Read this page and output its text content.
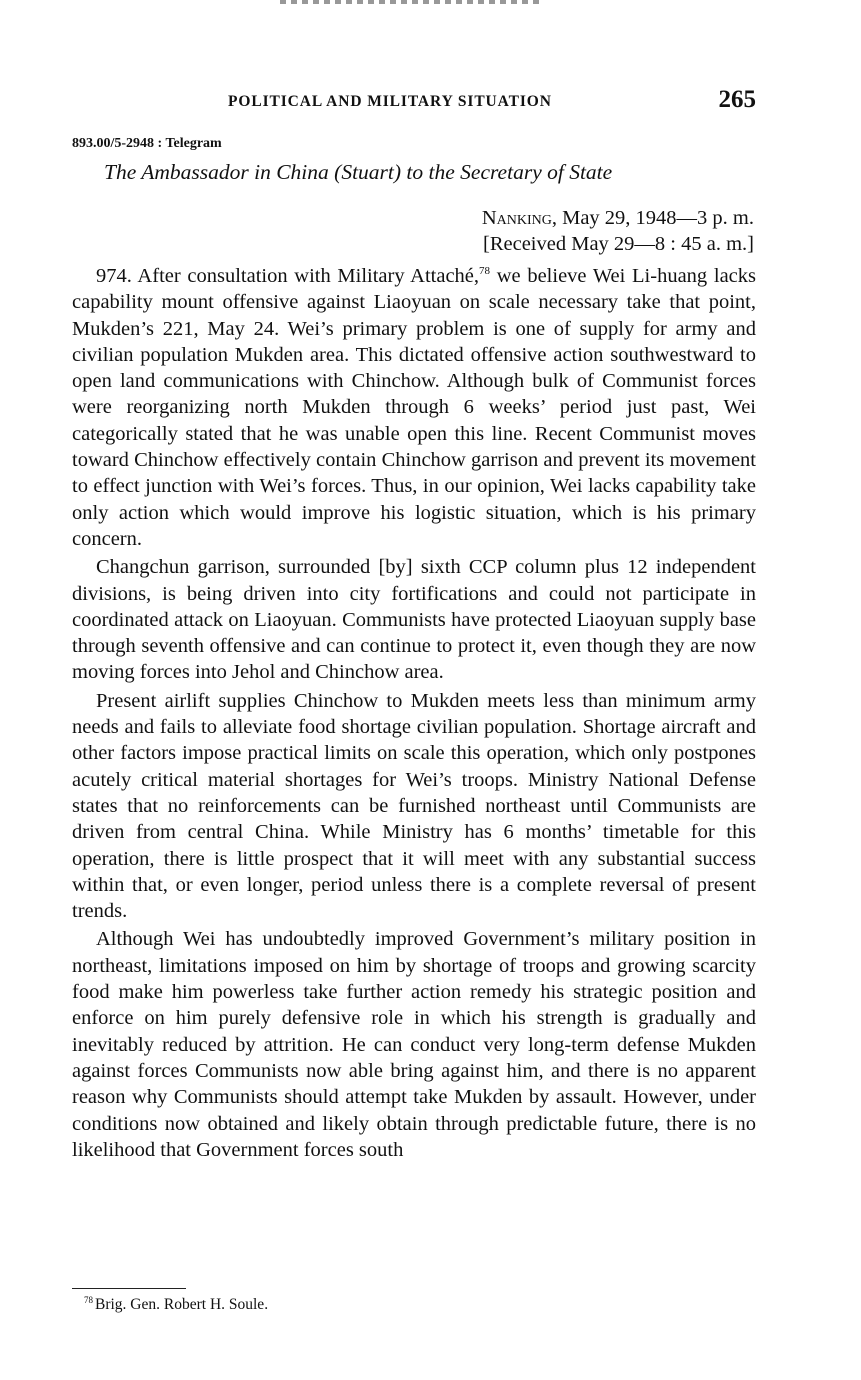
POLITICAL AND MILITARY SITUATION	265
893.00/5-2948 : Telegram
The Ambassador in China (Stuart) to the Secretary of State
Nanking, May 29, 1948—3 p. m.
[Received May 29—8 : 45 a. m.]

974. After consultation with Military Attaché,$^{78}$ we believe Wei Li-huang lacks capability mount offensive against Liaoyuan on scale necessary take that point, Mukden’s 221, May 24. Wei’s primary problem is one of supply for army and civilian population Mukden area. This dictated offensive action southwestward to open land communications with Chinchow. Although bulk of Communist forces were reorganizing north Mukden through 6 weeks’ period just past, Wei categorically stated that he was unable open this line. Recent Communist moves toward Chinchow effectively contain Chinchow garrison and prevent its movement to effect junction with Wei’s forces. Thus, in our opinion, Wei lacks capability take only action which would improve his logistic situation, which is his primary concern.

Changchun garrison, surrounded [by] sixth CCP column plus 12 independent divisions, is being driven into city fortifications and could not participate in coordinated attack on Liaoyuan. Communists have protected Liaoyuan supply base through seventh offensive and can continue to protect it, even though they are now moving forces into Jehol and Chinchow area.

Present airlift supplies Chinchow to Mukden meets less than minimum army needs and fails to alleviate food shortage civilian population. Shortage aircraft and other factors impose practical limits on scale this operation, which only postpones acutely critical material shortages for Wei’s troops. Ministry National Defense states that no reinforcements can be furnished northeast until Communists are driven from central China. While Ministry has 6 months’ timetable for this operation, there is little prospect that it will meet with any substantial success within that, or even longer, period unless there is a complete reversal of present trends.

Although Wei has undoubtedly improved Government’s military position in northeast, limitations imposed on him by shortage of troops and growing scarcity food make him powerless take further action remedy his strategic position and enforce on him purely defensive role in which his strength is gradually and inevitably reduced by attrition. He can conduct very long-term defense Mukden against forces Communists now able bring against him, and there is no apparent reason why Communists should attempt take Mukden by assault. However, under conditions now obtained and likely obtain through predictable future, there is no likelihood that Government forces south

$^{78}$ Brig. Gen. Robert H. Soule.
